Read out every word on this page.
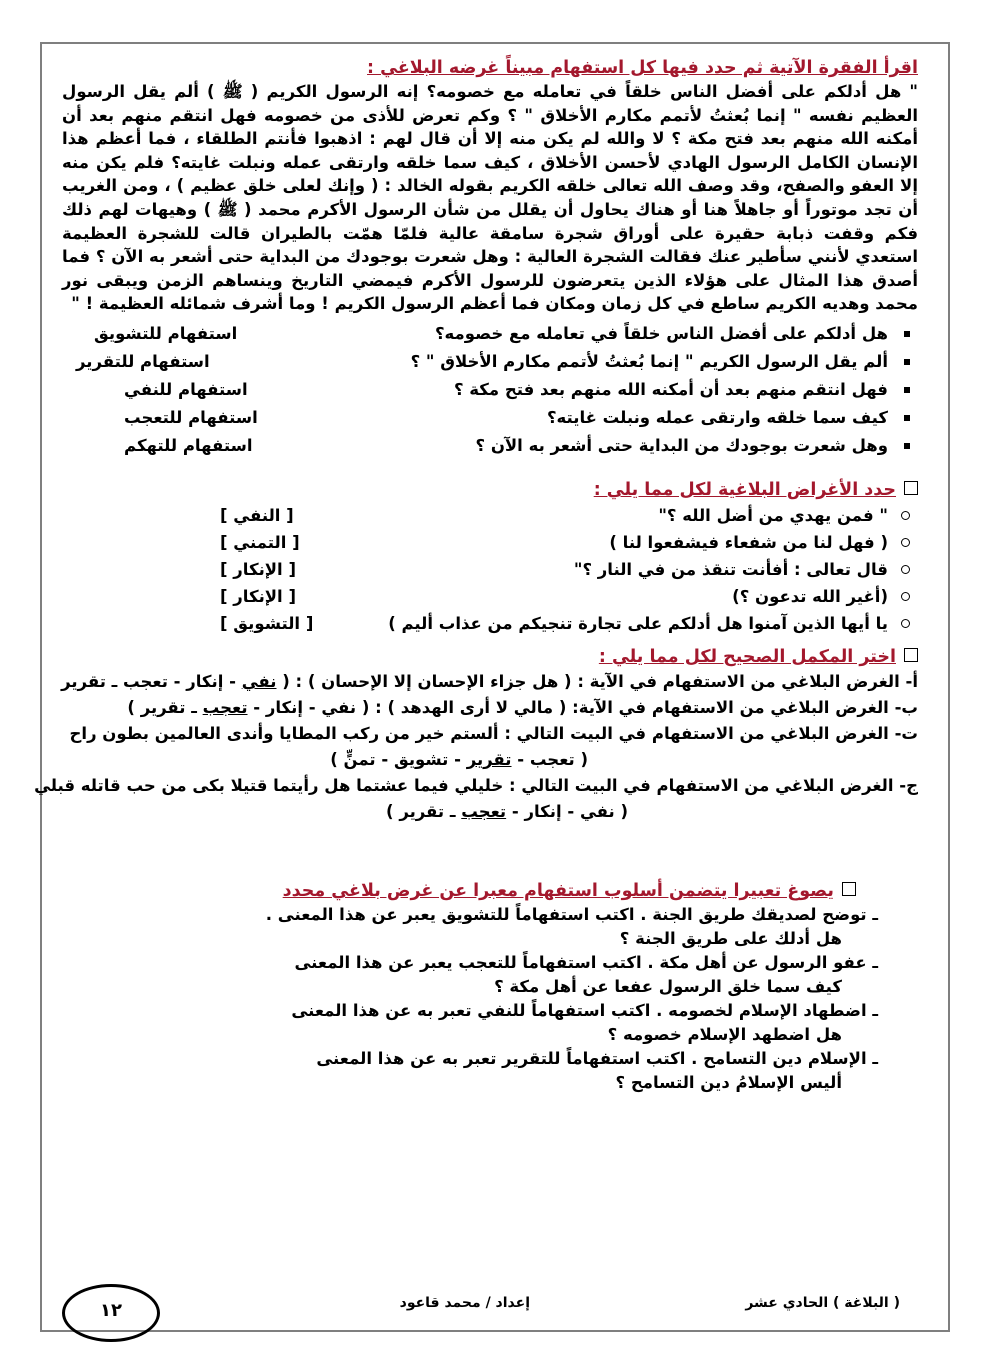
اقرأ الفقرة الآتية ثم حدد فيها كل استفهام مبيناً غرضه البلاغي :

" هل أدلكم على أفضل الناس خلقاً في تعامله مع خصومه؟ إنه الرسول الكريم ( ﷺ ) ألم يقل الرسول العظيم نفسه " إنما بُعثتُ لأتمم مكارم الأخلاق " ؟ وكم تعرض للأذى من خصومه فهل انتقم منهم بعد أن أمكنه الله منهم بعد فتح مكة ؟ لا والله لم يكن منه إلا أن قال لهم : اذهبوا فأنتم الطلقاء ، فما أعظم هذا الإنسان الكامل الرسول الهادي لأحسن الأخلاق ، كيف سما خلقه وارتقى عمله ونبلت غايته؟ فلم يكن منه إلا العفو والصفح، وقد وصف الله تعالى خلقه الكريم بقوله الخالد : ( وإنك لعلى خلق عظيم ) ، ومن الغريب أن تجد موتوراً أو جاهلاً هنا أو هناك يحاول أن يقلل من شأن الرسول الأكرم محمد ( ﷺ ) وهيهات لهم ذلك فكم وقفت ذبابة حقيرة على أوراق شجرة سامقة عالية فلمّا همّت بالطيران قالت للشجرة العظيمة استعدي لأنني سأطير عنك فقالت الشجرة العالية : وهل شعرت بوجودك من البداية حتى أشعر به الآن ؟ فما أصدق هذا المثال على هؤلاء الذين يتعرضون للرسول الأكرم فيمضي التاريخ وينساهم الزمن ويبقى نور محمد وهديه الكريم ساطع في كل زمان ومكان فما أعظم الرسول الكريم ! وما أشرف شمائله العظيمة ! "

هل أدلكم على أفضل الناس خلقاً في تعامله مع خصومه؟
استفهام للتشويق
ألم يقل الرسول الكريم " إنما بُعثتُ لأتمم مكارم الأخلاق " ؟
استفهام للتقرير
فهل انتقم منهم بعد أن أمكنه الله منهم بعد فتح مكة ؟
استفهام للنفي
كيف سما خلقه وارتقى عمله ونبلت غايته؟
استفهام للتعجب
وهل شعرت بوجودك من البداية حتى أشعر به الآن ؟
استفهام للتهكم
حدد الأغراض البلاغية لكل مما يلي :
" فمن يهدي من أضل الله ؟"
[ النفي ]
( فهل لنا من شفعاء فيشفعوا لنا )
[ التمني ]
قال تعالى : أفأنت تنقذ من في النار ؟"
[ الإنكار ]
(أغير الله تدعون ؟)
[ الإنكار ]
يا أيها الذين آمنوا هل أدلكم على تجارة تنجيكم من عذاب أليم )
[ التشويق ]
اختر المكمل الصحيح لكل مما يلي :
أ- الغرض البلاغي من الاستفهام في الآية : ( هل جزاء الإحسان إلا الإحسان ) : ( نفي - إنكار - تعجب ـ تقرير
ب- الغرض البلاغي من الاستفهام في الآية: ( مالي لا أرى الهدهد ) : ( نفي - إنكار - تعجب ـ تقرير )
ت- الغرض البلاغي من الاستفهام في البيت التالي : ألستم خير من ركب المطايا وأندى العالمين بطون راح
( تعجب - تقرير - تشويق - تمنٍّ )
ج- الغرض البلاغي من الاستفهام في البيت التالي : خليلي فيما عشتما هل رأيتما قتيلا بكى من حب قاتله قبلي
( نفي - إنكار - تعجب ـ تقرير )
يصوغ تعبيرا يتضمن أسلوب استفهام معبرا عن غرض بلاغي محدد
ـ توضح لصديقك طريق الجنة . اكتب استفهاماً للتشويق يعبر عن هذا المعنى .
هل أدلك على طريق الجنة ؟
ـ عفو الرسول عن أهل مكة . اكتب استفهاماً للتعجب يعبر عن هذا المعنى
كيف سما خلق الرسول عفعا عن أهل مكة ؟
ـ اضطهاد الإسلام لخصومه . اكتب استفهاماً للنفي تعبر به عن هذا المعنى
هل اضطهد الإسلام خصومه ؟
ـ الإسلام دين التسامح . اكتب استفهاماً للتقرير تعبر به عن هذا المعنى
أليس الإسلامُ دين التسامح ؟
( البلاغة ) الحادي عشر
إعداد / محمد قاعود
١٢
